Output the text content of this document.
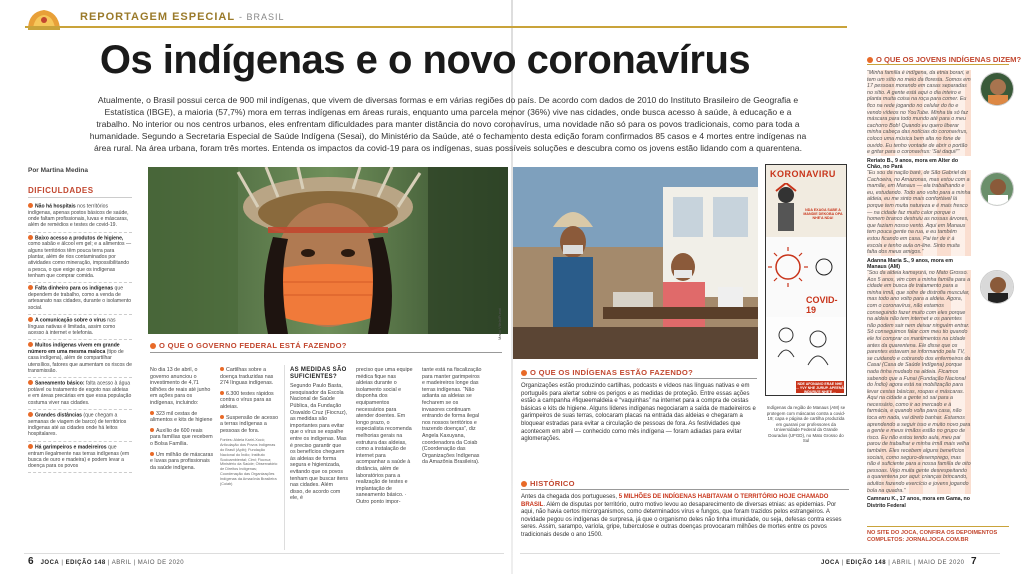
REPORTAGEM ESPECIAL - BRASIL
Os indígenas e o novo coronavírus

Atualmente, o Brasil possui cerca de 900 mil indígenas, que vivem de diversas formas e em várias regiões do país. De acordo com dados de 2010 do Instituto Brasileiro de Geografia e Estatística (IBGE), a maioria (57,7%) mora em terras indígenas em áreas rurais, enquanto uma parcela menor (36%) vive nas cidades, onde busca acesso à saúde, à educação e a trabalho. No interior ou nos centros urbanos, eles enfrentam dificuldades para manter distância do novo coronavírus, uma novidade não só para os povos tradicionais, como para toda a humanidade. Segundo a Secretaria Especial de Saúde Indígena (Sesai), do Ministério da Saúde, até o fechamento desta edição foram confirmados 85 casos e 4 mortes entre indígenas na área rural. Na área urbana, foram três mortes. Entenda os impactos da covid-19 para os indígenas, suas possíveis soluções e descubra como os jovens estão lidando com a quarentena.

Por Martina Medina
DIFICULDADES
Não há hospitais nos territórios indígenas, apenas postos básicos de saúde, onde faltam profissionais, luvas e máscaras, além de remédios e testes de covid-19.
Baixo acesso a produtos de higiene, como sabão e álcool em gel; e a alimentos — alguns territórios têm pouca terra para plantar, além de rios contaminados por atividades como mineração, impossibilitando a pesca, o que exige que os indígenas tenham que comprar comida.
Falta dinheiro para os indígenas que dependem de trabalho, como a venda de artesanato nas cidades, durante o isolamento social.
A comunicação sobre o vírus nas línguas nativas é limitada, assim como acesso à internet e telefonia.
Muitos indígenas vivem em grande número em uma mesma maloca (tipo de casa indígena), além de compartilhar utensílios, fatores que aumentam os riscos de transmissão.
Saneamento básico: falta acesso à água potável ou tratamento de esgoto nas aldeias e em áreas precárias em que essa população costuma viver nas cidades.
Grandes distâncias (que chegam a semanas de viagem de barco) de territórios indígenas até as cidades onde há leitos hospitalares.
Há garimpeiros e madeireiros que entram ilegalmente nas terras indígenas (em busca de ouro e madeira) e podem levar a doença para os povos
Mario Vilela/Funai
KORONAVIRU
NDA EXAGA SABE A MANDIE DEKOBA OPA NHE'A NDA!
COVID-19
NDE AFONANO ERAE NHE ... YVY NHE JURUP. APEENÃ INDURU'E NHE'E ...
Indígenas da região de Manaus (AM) se protegem com máscaras contra a covid-19; capa e página de cartilha produzida em guarani por professores da Universidade Federal da Grande Dourados (UFGD), no Mato Grosso do Sul
O QUE O GOVERNO FEDERAL ESTÁ FAZENDO?
No dia 13 de abril, o governo anunciou o investimento de 4,71 bilhões de reais até junho em ações para os indígenas, incluindo:
323 mil cestas de alimentos e kits de higiene
Auxílio de 600 reais para famílias que recebem o Bolsa Família.
Um milhão de máscaras e luvas para profissionais da saúde indígena.
Cartilhas sobre a doença traduzidas nas 274 línguas indígenas.
6.300 testes rápidos contra o vírus para as aldeias.
Suspensão de acesso a terras indígenas a pessoas de fora.
Fontes: Aldeia Kariri-Xocó; Articulação dos Povos Indígenas do Brasil (Apib); Fundação Nacional do Índio; Instituto Socioambiental; Cimi; Fiocruz; Ministério da Saúde; Observatório de Direitos Indígenas; Coordenação das Organizações Indígenas da Amazônia Brasileira (Coiab)
AS MEDIDAS SÃO SUFICIENTES?
Segundo Paulo Basta, pesquisador da Escola Nacional de Saúde Pública, da Fundação Oswaldo Cruz (Fiocruz), as medidas são importantes para evitar que o vírus se espalhe entre os indígenas. Mas é preciso garantir que os benefícios cheguem às aldeias de forma segura e higienizada, evitando que os povos tenham que buscar itens nas cidades. Além disso, de acordo com ele, é
preciso que uma equipe médica fique nas aldeias durante o isolamento social e disponha dos equipamentos necessários para atender doentes. Em longo prazo, o especialista recomenda melhorias gerais na estrutura das aldeias, como a instalação de internet para acompanhar a saúde à distância, além de laboratórios para a realização de testes e implantação de saneamento básico. · Outro ponto impor-
tante está na fiscalização para manter garimpeiros e madeireiros longe das terras indígenas. “Não adianta as aldeias se fecharem se os invasores continuam entrando de forma ilegal nos nossos territórios e trazendo doenças”, diz Angela Kaxuyana, coordenadora da Coiab (Coordenação das Organizações Indígenas da Amazônia Brasileira).
O QUE OS INDÍGENAS ESTÃO FAZENDO?
Organizações estão produzindo cartilhas, podcasts e vídeos nas línguas nativas e em português para alertar sobre os perigos e as medidas de proteção. Entre essas ações estão a campanha #fiqueemaldeia e “vaquinhas” na internet para a compra de cestas básicas e kits de higiene. Alguns líderes indígenas negociaram a saída de madeireiros e garimpeiros de suas terras, colocaram placas na entrada das aldeias e chegaram a bloquear estradas para evitar a circulação de pessoas de fora. As festividades que acontecem em abril — conhecido como mês indígena — foram adiadas para evitar aglomerações.
HISTÓRICO
Antes da chegada dos portugueses, 5 MILHÕES DE INDÍGENAS HABITAVAM O TERRITÓRIO HOJE CHAMADO BRASIL. Além de disputas por território, outro motivo levou ao desaparecimento de diversas etnias: as epidemias. Por aqui, não havia certos microrganismos, como determinados vírus e fungos, que foram trazidos pelos estrangeiros. A novidade pegou os indígenas de surpresa, já que o organismo deles não tinha imunidade, ou seja, defesas contra esses seres. Assim, sarampo, varíola, gripe, tuberculose e outras doenças provocaram milhões de mortes entre os povos tradicionais desde o ano 1500.
O QUE OS JOVENS INDÍGENAS DIZEM?
“Minha família é indígena, da etnia borari, e tem um sítio no meio da floresta. Somos em 17 pessoas morando em casas separadas no sítio. A gente está aqui o dia inteiro e planta muita coisa na roça para comer. Eu fico na rede jogando no celular do tio e vendo vídeos no YouTube. Minha tia só faz máscara para todo mundo até para o meu cachorro Bob! Quando eu quero liberar minha cabeça das notícias do coronavírus, coloco uma música bem alta no fone de ouvido. Eu tenho vontade de abrir o portão e gritar para o coronavírus: 'Sai daqui!'”
Reriato B., 9 anos, mora em Alter do Chão, no Pará
“Eu sou da nação baré, de São Gabriel da Cachoeira, no Amazonas, mas estou com a mamãe, em Manaus — ela trabalhando e eu, estudando. Todo ano volto para a minha aldeia, eu me sinto mais confortável lá porque tem muita natureza e é mais fresco — na cidade faz muito calor porque o homem branco destruiu as nossas árvores, que faziam nosso vento. Aqui em Manaus tem pouca gente na rua, e eu também estou ficando em casa. Pai ter de ir à escola e tenho aula on-line. Sinto muita falta dos meus amigos.”
Adanna Maria S., 9 anos, mora em Manaus (AM)
“Sou da aldeia kamayurá, no Mato Grosso. Aos 5 anos, vim com a minha família para a cidade em busca de tratamento para a minha irmã, que sofre de distrofia muscular, mas todo ano volto para a aldeia. Agora, com o coronavírus, não estamos conseguindo fazer muito com eles porque na aldeia não tem internet e os parentes não podem sair nem deixar ninguém entrar. Só conseguimos falar com meu tio quando ele foi comprar os mantimentos na cidade antes da quarentena. Ele disse que os parentes estavam se informando pela TV, se cuidando e cobrando dos enfermeiros da Casai (Casa de Saúde Indígena) porque nada tinha mudado na aldeia. Ficamos sabendo que a Funai (Fundação Nacional do Índio) agora está na mobilização para levar cestas básicas, roupas e máscaras. Aqui na cidade a gente só sai para a necessário, como ir ao mercado e à farmácia, e quando volta para casa, não toca em nada, vai direto banhar. Estamos aprendendo a seguir isso e muito novo para a gente e meus irmãos estão no grupo de risco. Eu não estou tendo aula, meu pai parou de trabalhar e minha irmã mais velha também. Eles recebem alguns benefícios sociais, como seguro-desemprego, mas não é suficiente para a nossa família de oito pessoas. Vejo muita gente desrespeitando a quarentena por aqui: crianças brincando, adultos fazendo exercício e jovens jogando bola na quadra.”
Camnaru K., 17 anos, mora em Gama, no Distrito Federal
NO SITE DO JOCA, CONFIRA OS DEPOIMENTOS COMPLETOS: JORNALJOCA.COM.BR
6 JOCA | EDIÇÃO 148 | ABRIL | MAIO DE 2020	JOCA | EDIÇÃO 148 | ABRIL | MAIO DE 2020 7
